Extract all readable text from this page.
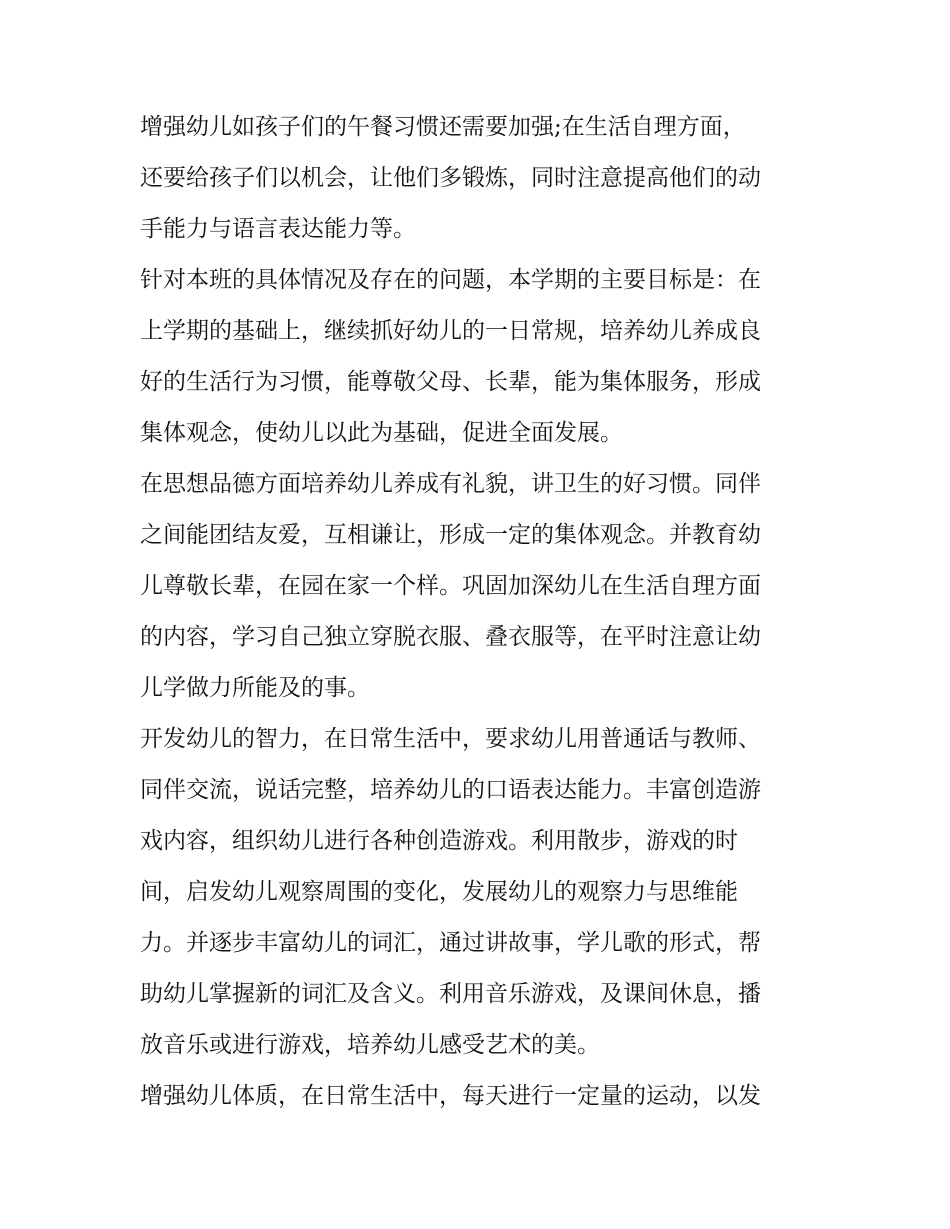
增强幼儿如孩子们的午餐习惯还需要加强;在生活自理方面，
还要给孩子们以机会，让他们多锻炼，同时注意提高他们的动
手能力与语言表达能力等。
针对本班的具体情况及存在的问题，本学期的主要目标是：在
上学期的基础上，继续抓好幼儿的一日常规，培养幼儿养成良
好的生活行为习惯，能尊敬父母、长辈，能为集体服务，形成
集体观念，使幼儿以此为基础，促进全面发展。
在思想品德方面培养幼儿养成有礼貌，讲卫生的好习惯。同伴
之间能团结友爱，互相谦让，形成一定的集体观念。并教育幼
儿尊敬长辈，在园在家一个样。巩固加深幼儿在生活自理方面
的内容，学习自己独立穿脱衣服、叠衣服等，在平时注意让幼
儿学做力所能及的事。
开发幼儿的智力，在日常生活中，要求幼儿用普通话与教师、
同伴交流，说话完整，培养幼儿的口语表达能力。丰富创造游
戏内容，组织幼儿进行各种创造游戏。利用散步，游戏的时
间，启发幼儿观察周围的变化，发展幼儿的观察力与思维能
力。并逐步丰富幼儿的词汇，通过讲故事，学儿歌的形式，帮
助幼儿掌握新的词汇及含义。利用音乐游戏，及课间休息，播
放音乐或进行游戏，培养幼儿感受艺术的美。
增强幼儿体质，在日常生活中，每天进行一定量的运动，以发
